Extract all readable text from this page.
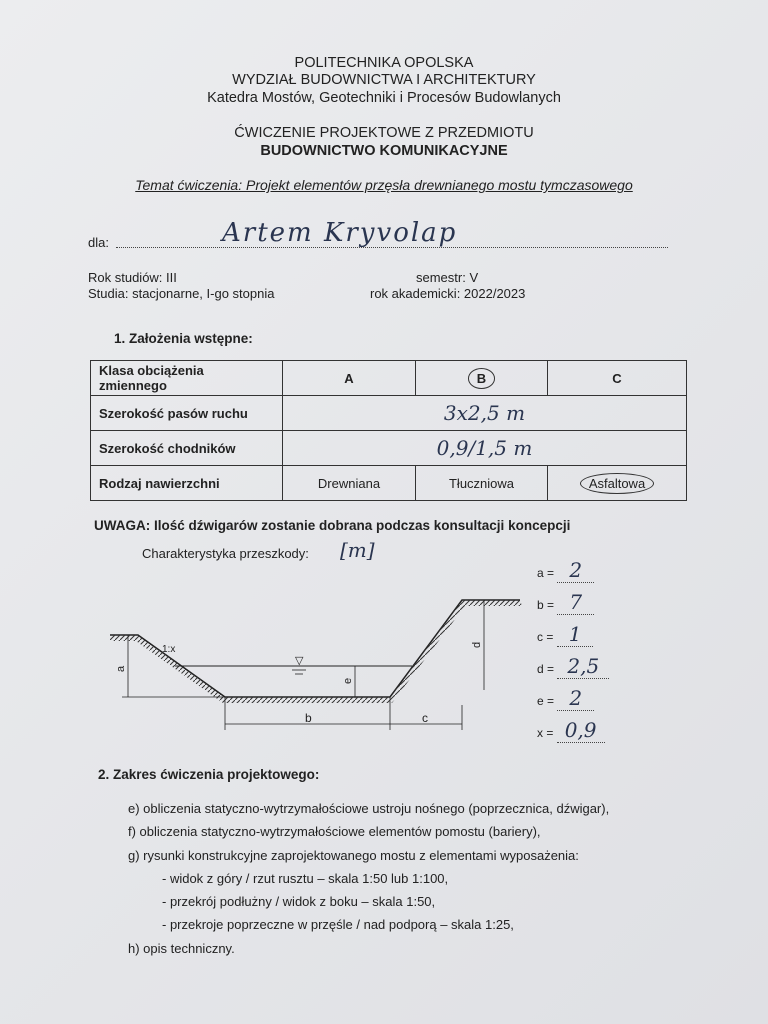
POLITECHNIKA OPOLSKA
WYDZIAŁ BUDOWNICTWA I ARCHITEKTURY
Katedra Mostów, Geotechniki i Procesów Budowlanych
ĆWICZENIE PROJEKTOWE Z PRZEDMIOTU
BUDOWNICTWO KOMUNIKACYJNE
Temat ćwiczenia: Projekt elementów przęsła drewnianego mostu tymczasowego
dla:	Artem Kryvolap
Rok studiów: III
Studia: stacjonarne, I-go stopnia
semestr: V
rok akademicki: 2022/2023
1. Założenia wstępne:
Klasa obciążenia zmiennego	A	B	C
Szerokość pasów ruchu	3x2,5 m		
Szerokość chodników	0,9/1,5 m		
Rodzaj nawierzchni	Drewniana	Tłuczniowa	Asfaltowa
UWAGA: Ilość dźwigarów zostanie dobrana podczas konsultacji koncepcji
Charakterystyka przeszkody: [m]
▽
a
e
d
b	c
1:x
a = 2
b = 7
c = 1
d = 2,5
e = 2
x = 0,9
2. Zakres ćwiczenia projektowego:
e) obliczenia statyczno-wytrzymałościowe ustroju nośnego (poprzecznica, dźwigar),
f) obliczenia statyczno-wytrzymałościowe elementów pomostu (bariery),
g) rysunki konstrukcyjne zaprojektowanego mostu z elementami wyposażenia:
- widok z góry / rzut rusztu – skala 1:50 lub 1:100,
- przekrój podłużny / widok z boku – skala 1:50,
- przekroje poprzeczne w przęśle / nad podporą – skala 1:25,
h) opis techniczny.
